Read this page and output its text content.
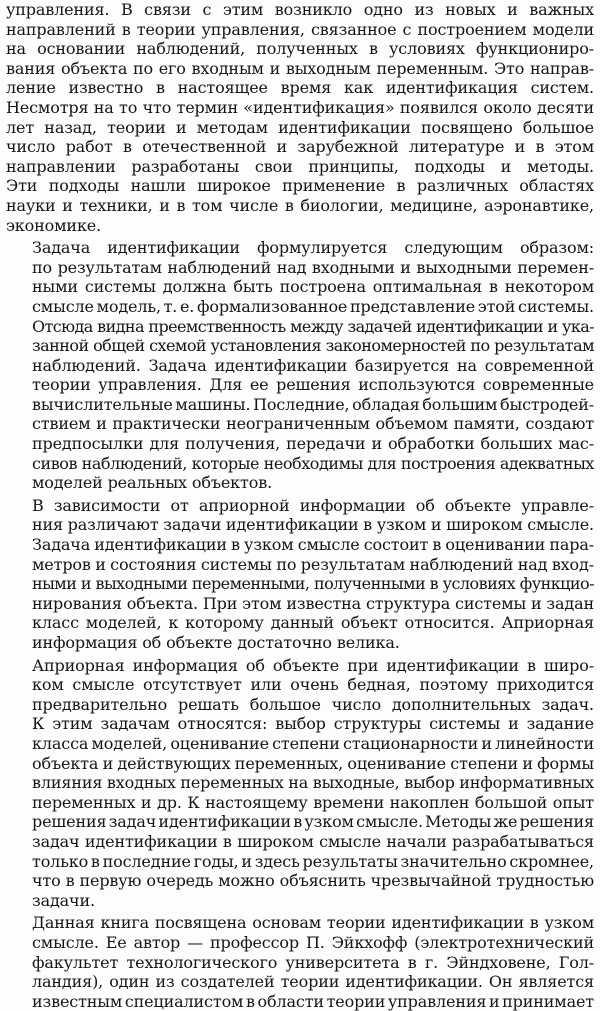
управления. В связи с этим возникло одно из новых и важных
направлений в теории управления, связанное с построением модели
на основании наблюдений, полученных в условиях функциониро-
вания объекта по его входным и выходным переменным. Это направ-
ление известно в настоящее время как идентификация систем.
Несмотря на то что термин «идентификация» появился около десяти
лет назад, теории и методам идентификации посвящено большое
число работ в отечественной и зарубежной литературе и в этом
направлении разработаны свои принципы, подходы и методы.
Эти подходы нашли широкое применение в различных областях
науки и техники, и в том числе в биологии, медицине, аэронавтике,
экономике.

Задача идентификации формулируется следующим образом:
по результатам наблюдений над входными и выходными перемен-
ными системы должна быть построена оптимальная в некотором
смысле модель, т. е. формализованное представление этой системы.
Отсюда видна преемственность между задачей идентификации и ука-
занной общей схемой установления закономерностей по результатам
наблюдений. Задача идентификации базируется на современной
теории управления. Для ее решения используются современные
вычислительные машины. Последние, обладая большим быстродей-
ствием и практически неограниченным объемом памяти, создают
предпосылки для получения, передачи и обработки больших мас-
сивов наблюдений, которые необходимы для построения адекватных
моделей реальных объектов.

В зависимости от априорной информации об объекте управле-
ния различают задачи идентификации в узком и широком смысле.
Задача идентификации в узком смысле состоит в оценивании пара-
метров и состояния системы по результатам наблюдений над вход-
ными и выходными переменными, полученными в условиях функцио-
нирования объекта. При этом известна структура системы и задан
класс моделей, к которому данный объект относится. Априорная
информация об объекте достаточно велика.

Априорная информация об объекте при идентификации в широ-
ком смысле отсутствует или очень бедная, поэтому приходится
предварительно решать большое число дополнительных задач.
К этим задачам относятся: выбор структуры системы и задание
класса моделей, оценивание степени стационарности и линейности
объекта и действующих переменных, оценивание степени и формы
влияния входных переменных на выходные, выбор информативных
переменных и др. К настоящему времени накоплен большой опыт
решения задач идентификации в узком смысле. Методы же решения
задач идентификации в широком смысле начали разрабатываться
только в последние годы, и здесь результаты значительно скромнее,
что в первую очередь можно объяснить чрезвычайной трудностью
задачи.

Данная книга посвящена основам теории идентификации в узком
смысле. Ее автор — профессор П. Эйкхофф (электротехнический
факультет технологического университета в г. Эйндховене, Гол-
ландия), один из создателей теории идентификации. Он является
известным специалистом в области теории управления и принимает
